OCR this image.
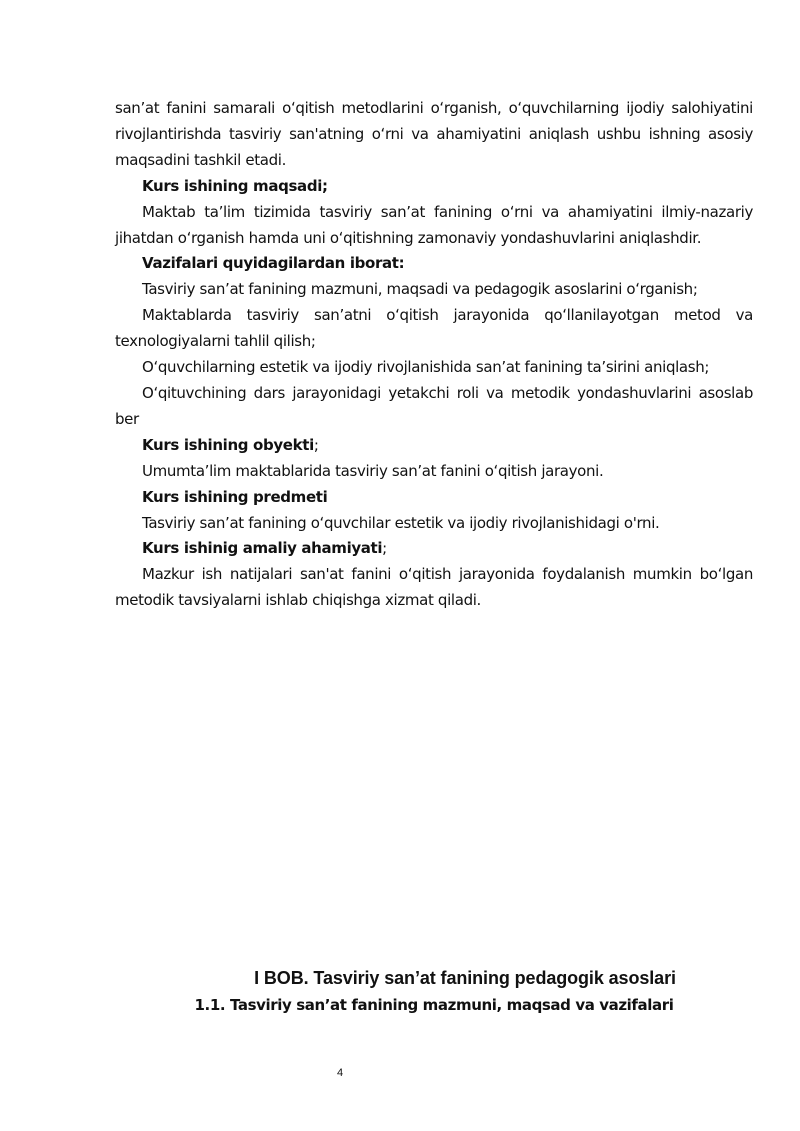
san’at fanini samarali oʻqitish metodlarini oʻrganish, oʻquvchilarning ijodiy salohiyatini rivojlantirishda tasviriy san'atning oʻrni va ahamiyatini aniqlash ushbu ishning asosiy maqsadini tashkil etadi.

Kurs ishining maqsadi;

Maktab ta’lim tizimida tasviriy san’at fanining oʻrni va ahamiyatini ilmiy-nazariy jihatdan oʻrganish hamda uni oʻqitishning zamonaviy yondashuvlarini aniqlashdir.

Vazifalari quyidagilardan iborat:

Tasviriy san’at fanining mazmuni, maqsadi va pedagogik asoslarini oʻrganish;

Maktablarda tasviriy san’atni oʻqitish jarayonida qoʻllanilayotgan metod va texnologiyalarni tahlil qilish;

Oʻquvchilarning estetik va ijodiy rivojlanishida san’at fanining ta’sirini aniqlash;

Oʻqituvchining dars jarayonidagi yetakchi roli va metodik yondashuvlarini asoslab ber

Kurs ishining obyekti;

Umumta’lim maktablarida tasviriy san’at fanini oʻqitish jarayoni.

Kurs ishining predmeti

Tasviriy san’at fanining oʻquvchilar estetik va ijodiy rivojlanishidagi o'rni.

Kurs ishinig amaliy ahamiyati;

Mazkur ish natijalari san'at fanini oʻqitish jarayonida foydalanish mumkin boʻlgan metodik tavsiyalarni ishlab chiqishga xizmat qiladi.

I BOB. Tasviriy san’at fanining pedagogik asoslari
1.1. Tasviriy san’at fanining mazmuni, maqsad va vazifalari
4
